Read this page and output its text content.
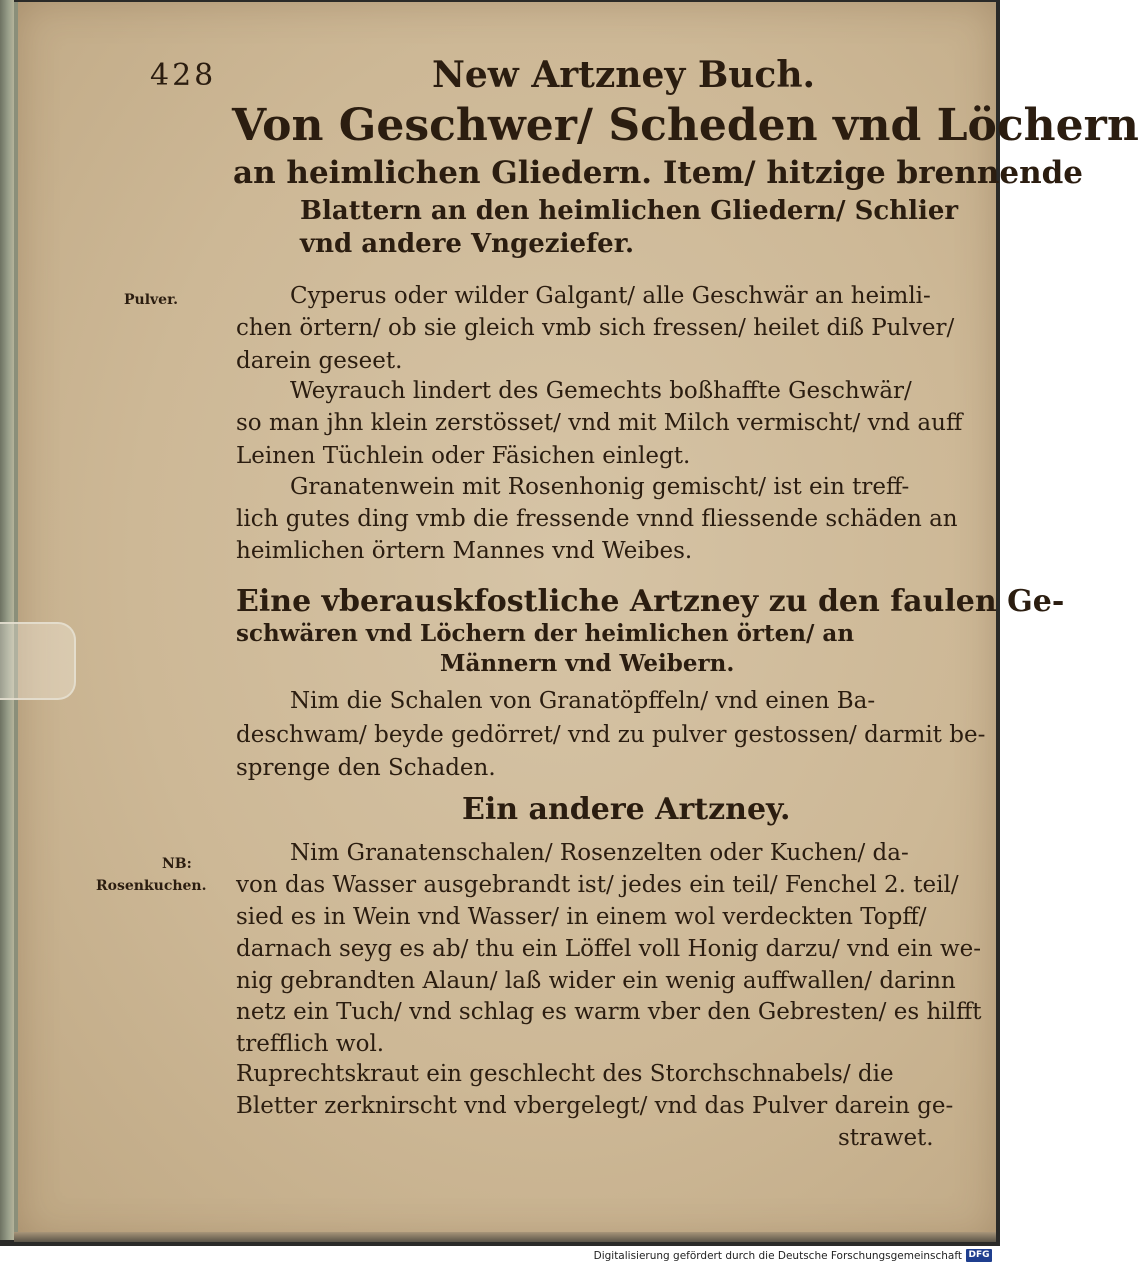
428	New Artzney Buch.
Von Geschwer/ Scheden vnd Löchern
an heimlichen Gliedern. Item/ hitzige brennende
Blattern an den heimlichen Gliedern/ Schlier
vnd andere Vngeziefer.
Pulver.	Cyperus oder wilder Galgant/ alle Geschwär an heimli-
chen örtern/ ob sie gleich vmb sich fressen/ heilet diß Pulver/
darein geseet.
Weyrauch lindert des Gemechts boßhaffte Geschwär/
so man jhn klein zerstösset/ vnd mit Milch vermischt/ vnd auff
Leinen Tüchlein oder Fäsichen einlegt.
Granatenwein mit Rosenhonig gemischt/ ist ein treff-
lich gutes ding vmb die fressende vnnd fliessende schäden an
heimlichen örtern Mannes vnd Weibes.
Eine vberauskfostliche Artzney zu den faulen Ge-
schwären vnd Löchern der heimlichen örten/ an
Männern vnd Weibern.
Nim die Schalen von Granatöpffeln/ vnd einen Ba-
deschwam/ beyde gedörret/ vnd zu pulver gestossen/ darmit be-
sprenge den Schaden.
Ein andere Artzney.
NB:
Rosenkuchen.
Nim Granatenschalen/ Rosenzelten oder Kuchen/ da-
von das Wasser ausgebrandt ist/ jedes ein teil/ Fenchel 2. teil/
sied es in Wein vnd Wasser/ in einem wol verdeckten Topff/
darnach seyg es ab/ thu ein Löffel voll Honig darzu/ vnd ein we-
nig gebrandten Alaun/ laß wider ein wenig auffwallen/ darinn
netz ein Tuch/ vnd schlag es warm vber den Gebresten/ es hilfft
trefflich wol.
Ruprechtskraut ein geschlecht des Storchschnabels/ die
Bletter zerknirscht vnd vbergelegt/ vnd das Pulver darein ge-
strawet.
Digitalisierung gefördert durch die Deutsche Forschungsgemeinschaft DFG
